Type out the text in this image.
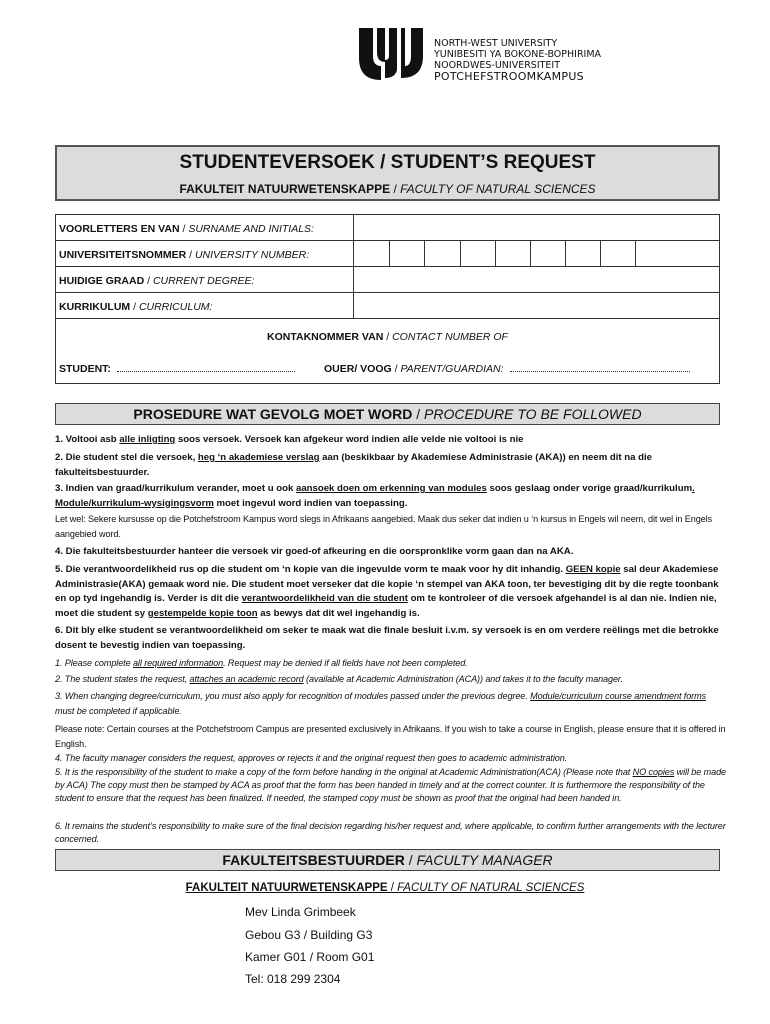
NORTH-WEST UNIVERSITY
YUNIBESITI YA BOKONE-BOPHIRIMA
NOORDWES-UNIVERSITEIT
POTCHEFSTROOMKAMPUS
STUDENTEVERSOEK / STUDENT’S REQUEST
FAKULTEIT NATUURWETENSKAPPE / FACULTY OF NATURAL SCIENCES
VOORLETTERS EN VAN / SURNAME AND INITIALS:
UNIVERSITEITSNOMMER / UNIVERSITY NUMBER:
HUIDIGE GRAAD / CURRENT DEGREE:
KURRIKULUM / CURRICULUM:
KONTAKNOMMER VAN / CONTACT NUMBER OF
STUDENT:	OUER/ VOOG / PARENT/GUARDIAN:
PROSEDURE WAT GEVOLG MOET WORD / PROCEDURE TO BE FOLLOWED
1. Voltooi asb alle inligting soos versoek. Versoek kan afgekeur word indien alle velde nie voltooi is nie
2. Die student stel die versoek, heg ‘n akademiese verslag aan (beskikbaar by Akademiese Administrasie (AKA)) en neem dit na die fakulteitsbestuurder.
3. Indien van graad/kurrikulum verander, moet u ook aansoek doen om erkenning van modules soos geslaag onder vorige graad/kurrikulum. Module/kurrikulum-wysigingsvorm moet ingevul word indien van toepassing.
Let wel: Sekere kursusse op die Potchefstroom Kampus word slegs in Afrikaans aangebied. Maak dus seker dat indien u ‘n kursus in Engels wil neem, dit wel in Engels aangebied word.
4. Die fakulteitsbestuurder hanteer die versoek vir goed-of afkeuring en die oorspronklike vorm gaan dan na AKA.
5. Die verantwoordelikheid rus op die student om ‘n kopie van die ingevulde vorm te maak voor hy dit inhandig. GEEN kopie sal deur Akademiese Administrasie(AKA) gemaak word nie. Die student moet verseker dat die kopie ‘n stempel van AKA toon, ter bevestiging dit by die regte toonbank en op tyd ingehandig is. Verder is dit die verantwoordelikheid van die student om te kontroleer of die versoek afgehandel is al dan nie. Indien nie, moet die student sy gestempelde kopie toon as bewys dat dit wel ingehandig is.
6. Dit bly elke student se verantwoordelikheid om seker te maak wat die finale besluit i.v.m. sy versoek is en om verdere reëlings met die betrokke dosent te bevestig indien van toepassing.
1. Please complete all required information. Request may be denied if all fields have not been completed.
2. The student states the request, attaches an academic record (available at Academic Administration (ACA)) and takes it to the faculty manager.
3. When changing degree/curriculum, you must also apply for recognition of modules passed under the previous degree. Module/curriculum course amendment forms must be completed if applicable.
Please note: Certain courses at the Potchefstroom Campus are presented exclusively in Afrikaans. If you wish to take a course in English, please ensure that it is offered in English.
4. The faculty manager considers the request, approves or rejects it and the original request then goes to academic administration.
5. It is the responsibility of the student to make a copy of the form before handing in the original at Academic Administration(ACA) (Please note that NO copies will be made by ACA) The copy must then be stamped by ACA as proof that the form has been handed in timely and at the correct counter. It is furthermore the responsibility of the student to ensure that the request has been finalized. If needed, the stamped copy must be shown as proof that the original had been handed in.
6. It remains the student’s responsibility to make sure of the final decision regarding his/her request and, where applicable, to confirm further arrangements with the lecturer concerned.
FAKULTEITSBESTUURDER / FACULTY MANAGER
FAKULTEIT NATUURWETENSKAPPE / FACULTY OF NATURAL SCIENCES
Mev Linda Grimbeek
Gebou G3 / Building G3
Kamer G01 / Room G01
Tel: 018 299 2304
